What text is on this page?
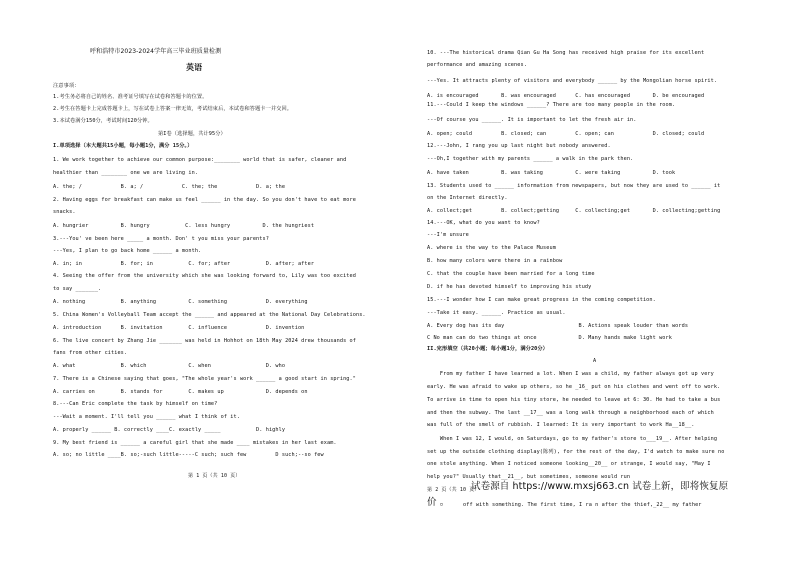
呼和浩特市2023-2024学年高三毕业班质量检测
英语
注意事项：
1.考生务必将自己的姓名、准考证号填写在试卷和答题卡的位置。
2.考生在答题卡上完成答题卡上，写在试卷上答案一律无效，考试结束后，本试卷和答题卡一并交回。
3.本试卷满分150分，考试时间120分钟。
第I卷（选择题，共计95分）
I.单项选择（本大题共15小题，每小题1分，满分 15分。）
1. We work together to achieve our common purpose:________ world that is safer, cleaner and
healthier than ________ one we are living in.
A. the; /            B. a; /            C. the; the            D. a; the
2. Having eggs for breakfast can make us feel ______ in the day. So you don't have to eat more
snacks.
A. hungrier          B. hungry           C. less hungry          D. the hungriest
3.---You' ve been here _____ a month. Don' t you miss your parents?
---Yes, I plan to go back home ______ a month.
A. in; in            B. for; in           C. for; after           D. after; after
4. Seeing the offer from the university which she was looking forward to, Lily was too excited
to say _______.
A. nothing           B. anything          C. something            D. everything
5. China Women's Volleyball Team accept the ______ and appeared at the National Day Celebrations.
A. introduction      B. invitation        C. influence            D. invention
6. The live concert by Zhang Jie _______ was held in Hohhot on 18th May 2024 drew thousands of
fans from other cities.
A. what              B. which             C. when                 D. who
7. There is a Chinese saying that goes, "The whole year's work ______ a good start in spring."
A. carries on        B. stands for        C. makes up             D. depends on
8.---Can Eric complete the task by himself on time?
---Wait a moment. I'll tell you ______ what I think of it.
A. properly ______ B. correctly ____C. exactly _____           D. highly
9. My best friend is ______ a careful girl that she made ____ mistakes in her last exam.
A. so; no little ____B. so;-such little-----C such; such few         D such;--so few
第 1 页（共 10 页）
10. ---The historical drama Qian Gu Ha Song has received high praise for its excellent
performance and amazing scenes.
---Yes. It attracts plenty of visitors and everybody ______ by the Mongolian horse spirit.
A. is encouraged       B. was encouraged      C. has encouraged       D. be encouraged
11.---Could I keep the windows ______? There are too many people in the room.
---Of course you ______. It is important to let the fresh air in.
A. open; could         B. closed; can         C. open; can            D. closed; could
12.---John, I rang you up last night but nobody answered.
---Oh,I together with my parents ______ a walk in the park then.
A. have taken          B. was taking          C. were taking          D. took
13. Students used to ______ information from newspapers, but now they are used to ______ it
on the Internet directly.
A. collect;get         B. collect;getting     C. collecting;get       D. collecting;getting
14.---OK, what do you want to know?
---I'm unsure
A. where is the way to the Palace Museum
B. how many colors were there in a rainbow
C. that the couple have been married for a long time
D. if he has devoted himself to improving his study
15.---I wonder how I can make great progress in the coming competition.
---Take it easy. ______. Practice as usual.
A. Every dog has its day                       B. Actions speak louder than words
C No man can do two things at once             D. Many hands make light work
II.完形填空（共20小题；每小题1分，满分20分）
A
From my father I have learned a lot. When I was a child, my father always got up very
early. He was afraid to wake up others, so he _16_ put on his clothes and went off to work.
To arrive in time to open his tiny store, he needed to leave at 6: 30. He had to take a bus
and then the subway. The last __17__ was a long walk through a neighborhood each of which
was full of the smell of rubbish. I learned: It is very important to work Ha__18__.
When I was 12, I would, on Saturdays, go to my father's store to___19__. After helping
set up the outside clothing display(陈列), for the rest of the day, I'd watch to make sure no
one stole anything. When I noticed someone looking__20__ or strange, I would say, "May I
help you?" Usually that__21__, but sometimes, someone would run
第 2 页（共 10 页）
试卷源自 https://www.mxsj663.cn 试卷上新，即将恢复原
价 。	off with something. The first time, I ra n after the thief,_22__ my father
